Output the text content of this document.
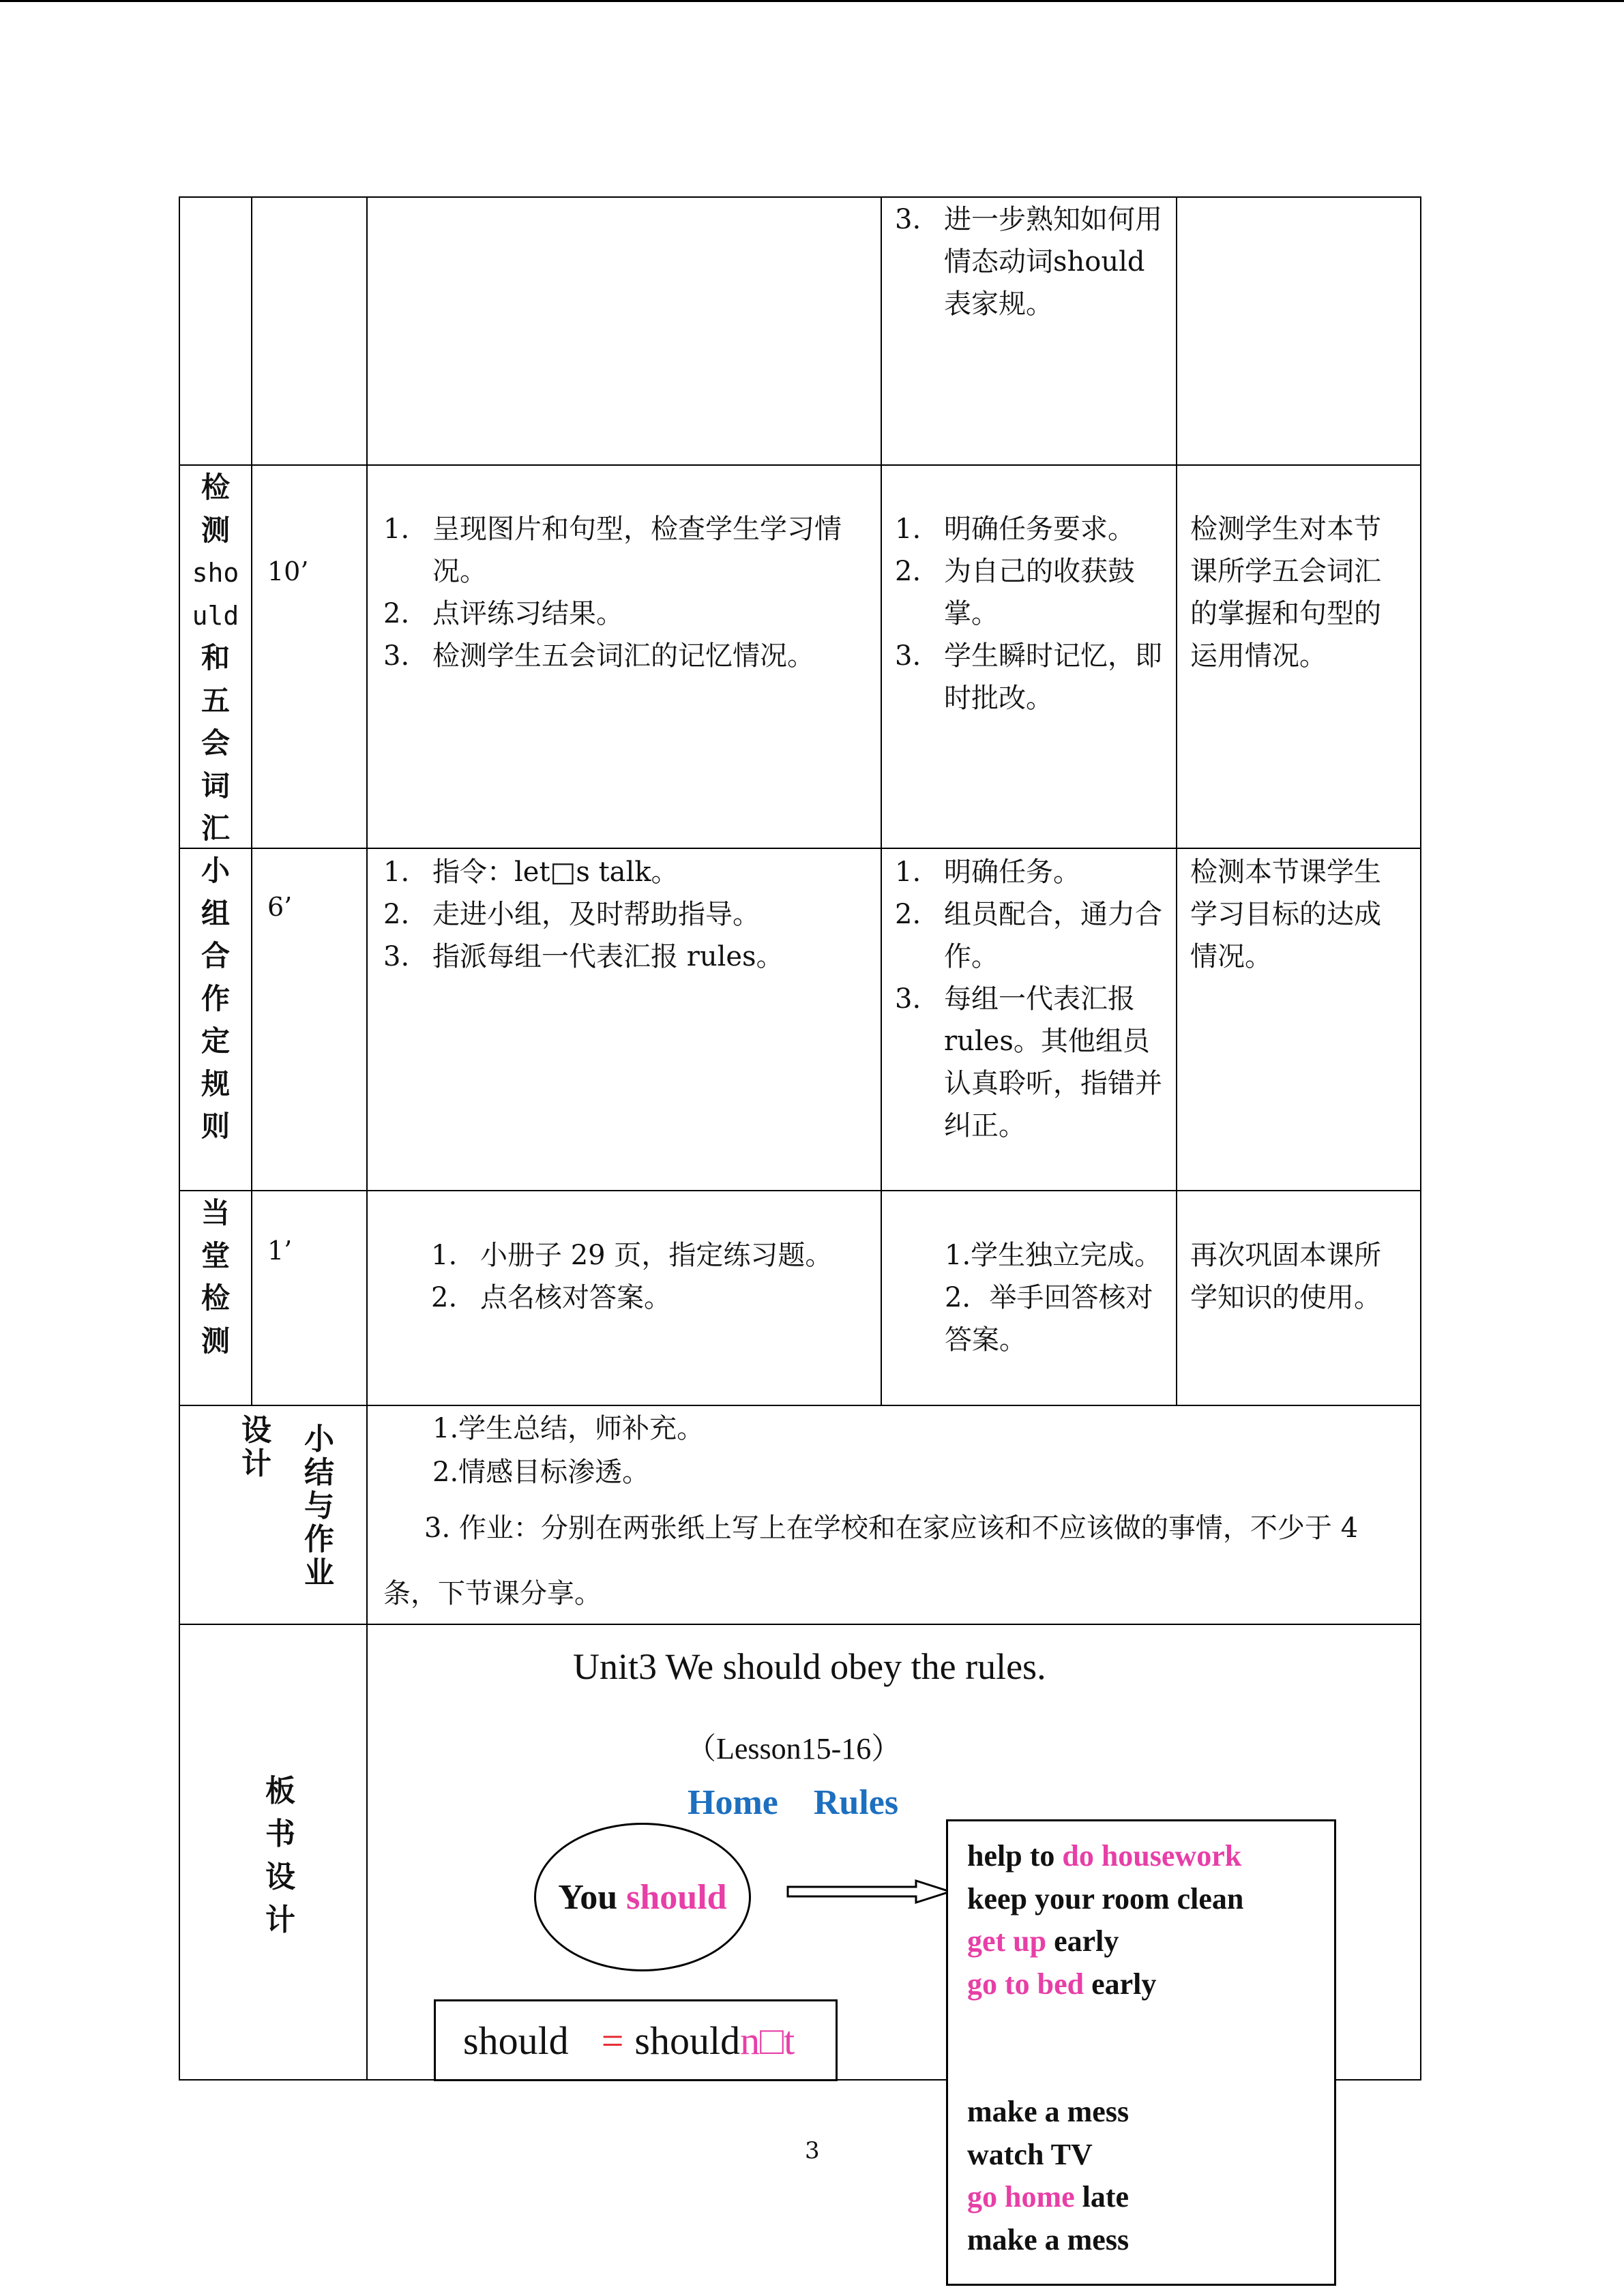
3. 进一步熟知如何用情态动词should 表家规。
检
测
sho
uld
和
五
会
词
汇
10’
1. 呈现图片和句型，检查学生学习情况。
2. 点评练习结果。
3. 检测学生五会词汇的记忆情况。
1. 明确任务要求。
2. 为自己的收获鼓掌。
3. 学生瞬时记忆，即时批改。
检测学生对本节课所学五会词汇的掌握和句型的运用情况。
小
组
合
作
定
规
则
6’
1. 指令：let□s talk。
2. 走进小组，及时帮助指导。
3. 指派每组一代表汇报 rules。
1. 明确任务。
2. 组员配合，通力合作。
3. 每组一代表汇报rules。其他组员认真聆听，指错并纠正。
检测本节课学生学习目标的达成情况。
当
堂
检
测
1’	1. 小册子 29 页，指定练习题。
2. 点名核对答案。
1.学生独立完成。
2．举手回答核对答案。
再次巩固本课所学知识的使用。
设
计
小
结
与
作
业
1.学生总结，师补充。
2.情感目标渗透。
3. 作业：分别在两张纸上写上在学校和在家应该和不应该做的事情，不少于 4条，下节课分享。
板
书
设
计
Unit3 We should obey the rules.
（Lesson15-16）
Home Rules
You
should
help to do housework
keep your room clean
get up early
go to bed early
make a mess
watch TV
go home late
make a mess
should = should n□t
3
